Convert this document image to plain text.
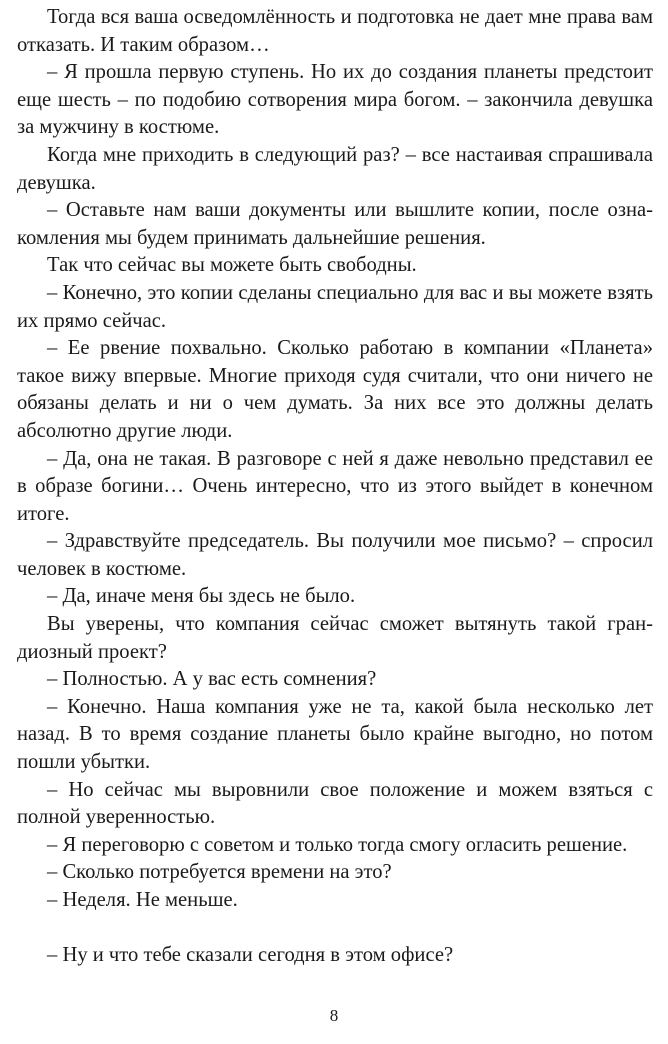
Тогда вся ваша осведомлённость и подготовка не дает мне права вам отказать. И таким образом…

– Я прошла первую ступень. Но их до создания планеты предстоит еще шесть – по подобию сотворения мира богом. – закончила девушка за мужчину в костюме.

Когда мне приходить в следующий раз? – все настаивая спрашивала девушка.

– Оставьте нам ваши документы или вышлите копии, после ознакомления мы будем принимать дальнейшие решения.

Так что сейчас вы можете быть свободны.

– Конечно, это копии сделаны специально для вас и вы можете взять их прямо сейчас.

– Ее рвение похвально. Сколько работаю в компании «Планета» такое вижу впервые. Многие приходя судя считали, что они ничего не обязаны делать и ни о чем думать. За них все это должны делать абсолютно другие люди.

– Да, она не такая. В разговоре с ней я даже невольно представил ее в образе богини… Очень интересно, что из этого выйдет в конечном итоге.

– Здравствуйте председатель. Вы получили мое письмо? – спросил человек в костюме.

– Да, иначе меня бы здесь не было.

Вы уверены, что компания сейчас сможет вытянуть такой грандиозный проект?

– Полностью. А у вас есть сомнения?

– Конечно. Наша компания уже не та, какой была несколько лет назад. В то время создание планеты было крайне выгодно, но потом пошли убытки.

– Но сейчас мы выровнили свое положение и можем взяться с полной уверенностью.

– Я переговорю с советом и только тогда смогу огласить решение.

– Сколько потребуется времени на это?

– Неделя. Не меньше.

– Ну и что тебе сказали сегодня в этом офисе?

8
